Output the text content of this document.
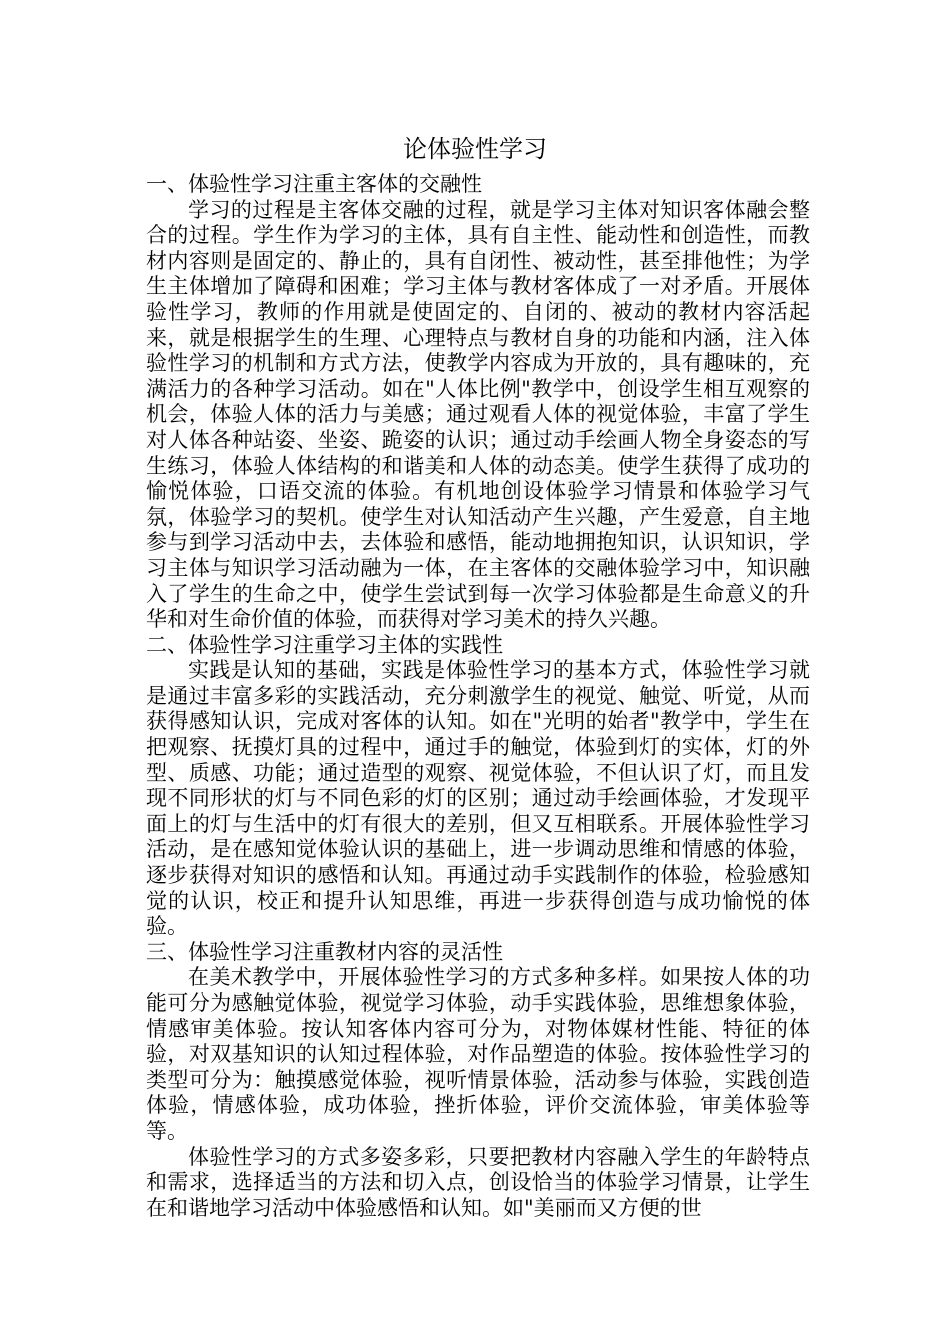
论体验性学习

一、体验性学习注重主客体的交融性

学习的过程是主客体交融的过程，就是学习主体对知识客体融会整合的过程。学生作为学习的主体，具有自主性、能动性和创造性，而教材内容则是固定的、静止的，具有自闭性、被动性，甚至排他性；为学生主体增加了障碍和困难；学习主体与教材客体成了一对矛盾。开展体验性学习，教师的作用就是使固定的、自闭的、被动的教材内容活起来，就是根据学生的生理、心理特点与教材自身的功能和内涵，注入体验性学习的机制和方式方法，使教学内容成为开放的，具有趣味的，充满活力的各种学习活动。如在"人体比例"教学中，创设学生相互观察的机会，体验人体的活力与美感；通过观看人体的视觉体验，丰富了学生对人体各种站姿、坐姿、跪姿的认识；通过动手绘画人物全身姿态的写生练习，体验人体结构的和谐美和人体的动态美。使学生获得了成功的愉悦体验，口语交流的体验。有机地创设体验学习情景和体验学习气氛，体验学习的契机。使学生对认知活动产生兴趣，产生爱意，自主地参与到学习活动中去，去体验和感悟，能动地拥抱知识，认识知识，学习主体与知识学习活动融为一体，在主客体的交融体验学习中，知识融入了学生的生命之中，使学生尝试到每一次学习体验都是生命意义的升华和对生命价值的体验，而获得对学习美术的持久兴趣。

二、体验性学习注重学习主体的实践性

实践是认知的基础，实践是体验性学习的基本方式，体验性学习就是通过丰富多彩的实践活动，充分刺激学生的视觉、触觉、听觉，从而获得感知认识，完成对客体的认知。如在"光明的始者"教学中，学生在把观察、抚摸灯具的过程中，通过手的触觉，体验到灯的实体，灯的外型、质感、功能；通过造型的观察、视觉体验，不但认识了灯，而且发现不同形状的灯与不同色彩的灯的区别；通过动手绘画体验，才发现平面上的灯与生活中的灯有很大的差别，但又互相联系。开展体验性学习活动，是在感知觉体验认识的基础上，进一步调动思维和情感的体验，逐步获得对知识的感悟和认知。再通过动手实践制作的体验，检验感知觉的认识，校正和提升认知思维，再进一步获得创造与成功愉悦的体验。

三、体验性学习注重教材内容的灵活性

在美术教学中，开展体验性学习的方式多种多样。如果按人体的功能可分为感触觉体验，视觉学习体验，动手实践体验，思维想象体验，情感审美体验。按认知客体内容可分为，对物体媒材性能、特征的体验，对双基知识的认知过程体验，对作品塑造的体验。按体验性学习的类型可分为：触摸感觉体验，视听情景体验，活动参与体验，实践创造体验，情感体验，成功体验，挫折体验，评价交流体验，审美体验等等。

体验性学习的方式多姿多彩，只要把教材内容融入学生的年龄特点和需求，选择适当的方法和切入点，创设恰当的体验学习情景，让学生在和谐地学习活动中体验感悟和认知。如"美丽而又方便的世
